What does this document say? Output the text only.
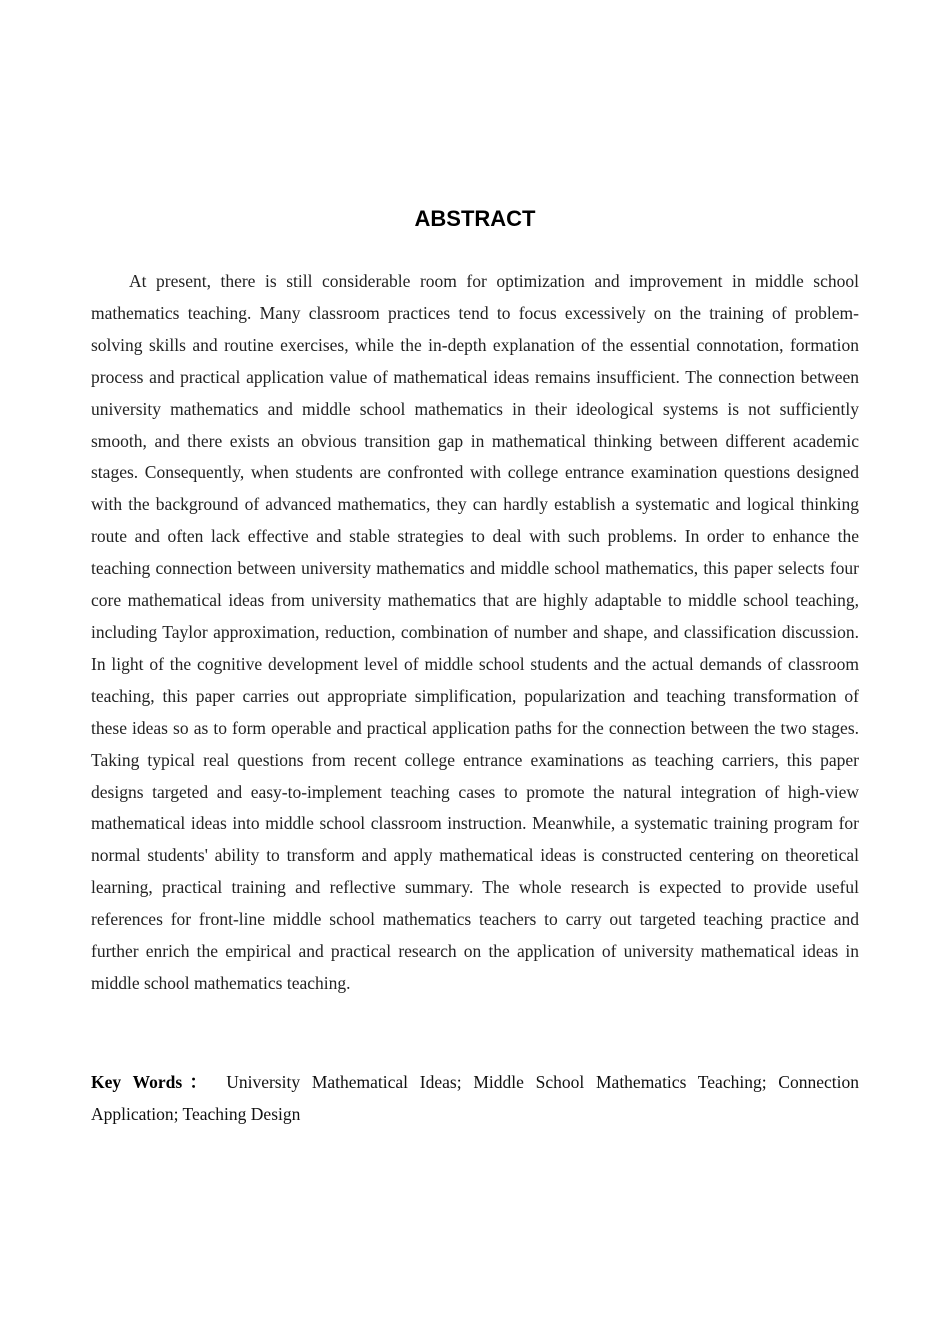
ABSTRACT

At present, there is still considerable room for optimization and improvement in middle school mathematics teaching. Many classroom practices tend to focus excessively on the training of problem-solving skills and routine exercises, while the in-depth explanation of the essential connotation, formation process and practical application value of mathematical ideas remains insufficient. The connection between university mathematics and middle school mathematics in their ideological systems is not sufficiently smooth, and there exists an obvious transition gap in mathematical thinking between different academic stages. Consequently, when students are confronted with college entrance examination questions designed with the background of advanced mathematics, they can hardly establish a systematic and logical thinking route and often lack effective and stable strategies to deal with such problems. In order to enhance the teaching connection between university mathematics and middle school mathematics, this paper selects four core mathematical ideas from university mathematics that are highly adaptable to middle school teaching, including Taylor approximation, reduction, combination of number and shape, and classification discussion. In light of the cognitive development level of middle school students and the actual demands of classroom teaching, this paper carries out appropriate simplification, popularization and teaching transformation of these ideas so as to form operable and practical application paths for the connection between the two stages. Taking typical real questions from recent college entrance examinations as teaching carriers, this paper designs targeted and easy-to-implement teaching cases to promote the natural integration of high-view mathematical ideas into middle school classroom instruction. Meanwhile, a systematic training program for normal students' ability to transform and apply mathematical ideas is constructed centering on theoretical learning, practical training and reflective summary. The whole research is expected to provide useful references for front-line middle school mathematics teachers to carry out targeted teaching practice and further enrich the empirical and practical research on the application of university mathematical ideas in middle school mathematics teaching.

Key Words： University Mathematical Ideas; Middle School Mathematics Teaching; Connection Application; Teaching Design
